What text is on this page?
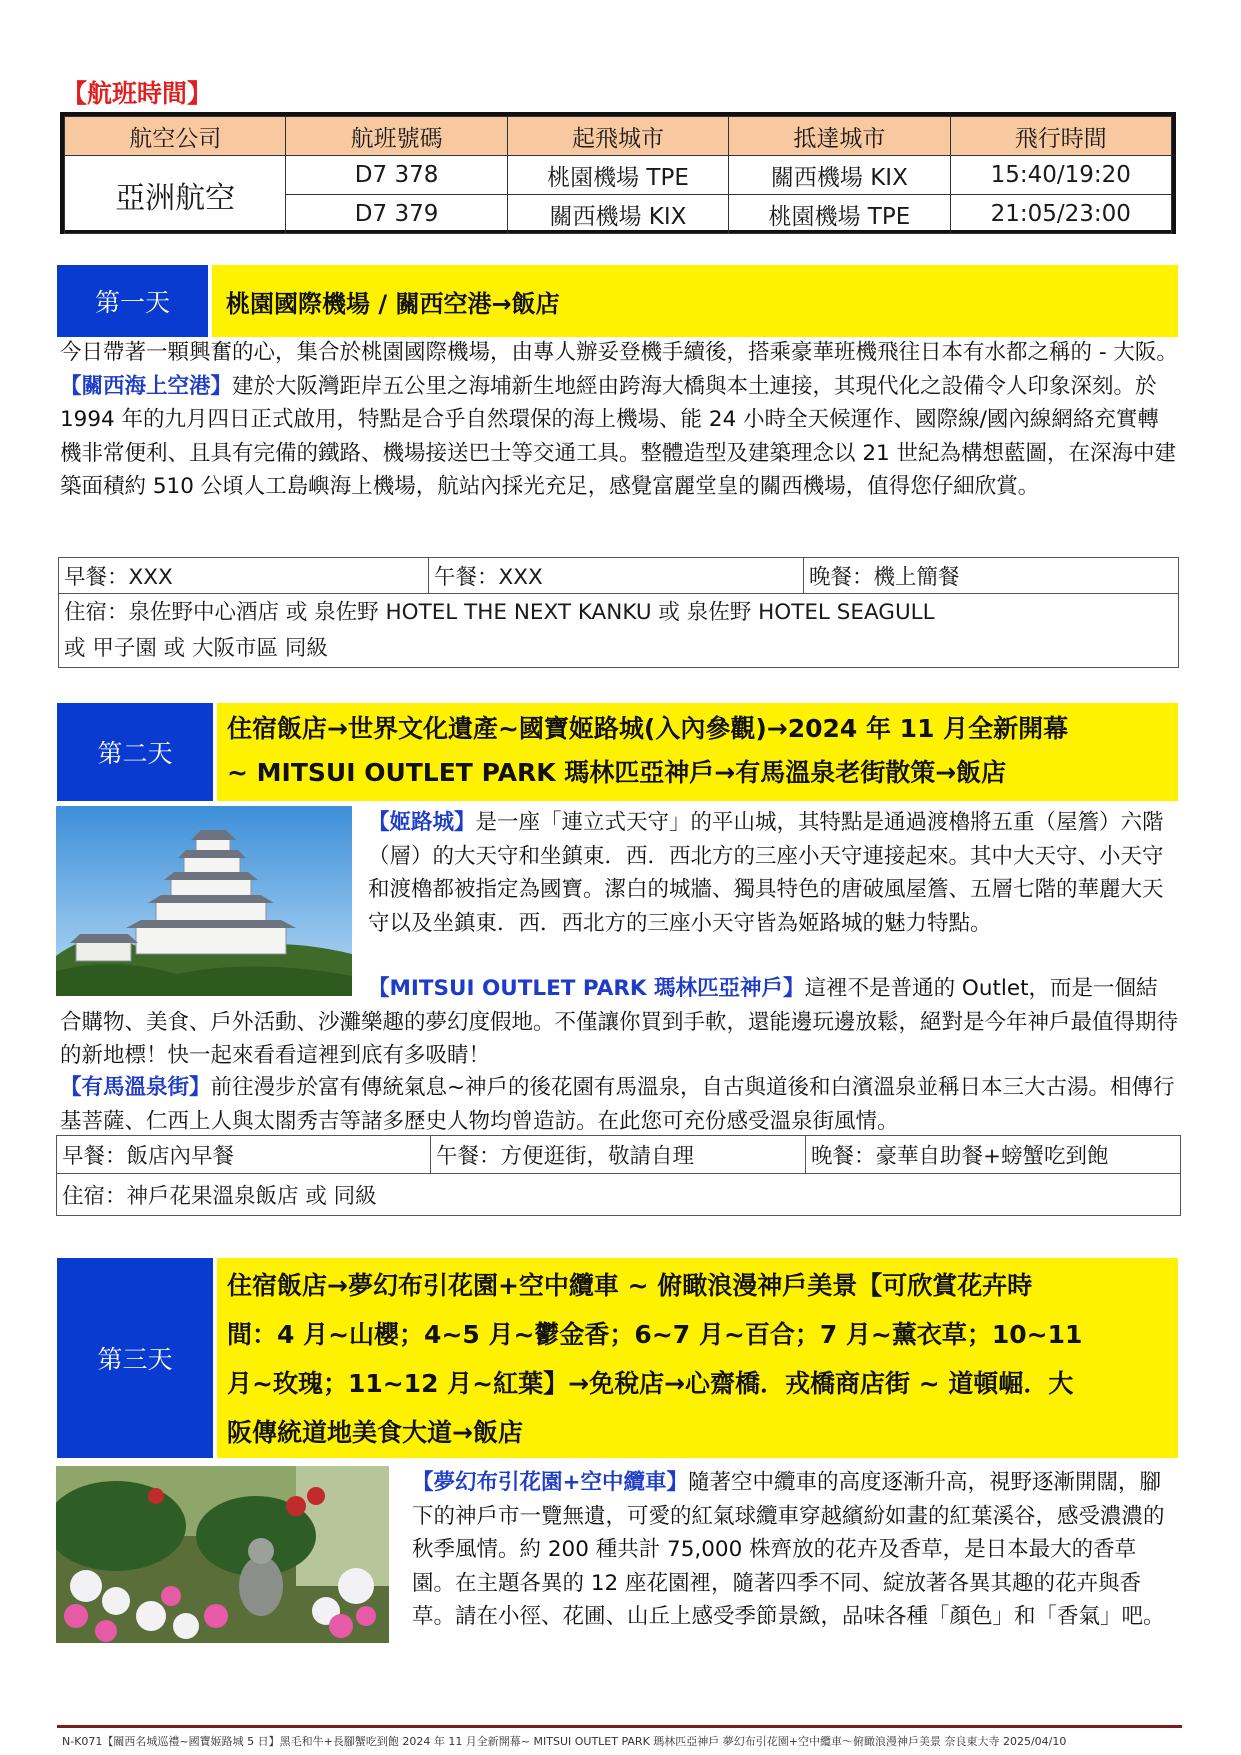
【航班時間】
航空公司	航班號碼	起飛城市	抵達城市	飛行時間
亞洲航空	D7 378	桃園機場 TPE	關西機場 KIX	15:40/19:20
	D7 379	關西機場 KIX	桃園機場 TPE	21:05/23:00
第一天	桃園國際機場 / 關西空港→飯店

今日帶著一顆興奮的心，集合於桃園國際機場，由專人辦妥登機手續後，搭乘豪華班機飛往日本有水都之稱的 - 大阪。

【關西海上空港】建於大阪灣距岸五公里之海埔新生地經由跨海大橋與本土連接，其現代化之設備令人印象深刻。於 1994 年的九月四日正式啟用，特點是合乎自然環保的海上機場、能 24 小時全天候運作、國際線/國內線網絡充實轉機非常便利、且具有完備的鐵路、機場接送巴士等交通工具。整體造型及建築理念以 21 世紀為構想藍圖，在深海中建築面積約 510 公頃人工島嶼海上機場，航站內採光充足，感覺富麗堂皇的關西機場，值得您仔細欣賞。

早餐：XXX	午餐：XXX	晚餐：機上簡餐

住宿：泉佐野中心酒店 或 泉佐野 HOTEL THE NEXT KANKU 或 泉佐野 HOTEL SEAGULL
或 甲子園 或 大阪市區 同級
第二天
住宿飯店→世界文化遺產~國寶姬路城(入內參觀)→2024 年 11 月全新開幕
~ MITSUI OUTLET PARK 瑪林匹亞神戶→有馬溫泉老街散策→飯店

【姬路城】是一座「連立式天守」的平山城，其特點是通過渡櫓將五重（屋簷）六階（層）的大天守和坐鎮東．西．西北方的三座小天守連接起來。其中大天守、小天守和渡櫓都被指定為國寶。潔白的城牆、獨具特色的唐破風屋簷、五層七階的華麗大天守以及坐鎮東．西．西北方的三座小天守皆為姬路城的魅力特點。

【MITSUI OUTLET PARK 瑪林匹亞神戶】這裡不是普通的 Outlet，而是一個結合購物、美食、戶外活動、沙灘樂趣的夢幻度假地。不僅讓你買到手軟，還能邊玩邊放鬆，絕對是今年神戶最值得期待的新地標！快一起來看看這裡到底有多吸睛！

【有馬溫泉街】前往漫步於富有傳統氣息~神戶的後花園有馬溫泉，自古與道後和白濱溫泉並稱日本三大古湯。相傳行基菩薩、仁西上人與太閤秀吉等諸多歷史人物均曾造訪。在此您可充份感受溫泉街風情。

早餐：飯店內早餐	午餐：方便逛街，敬請自理	晚餐：豪華自助餐+螃蟹吃到飽
住宿：神戶花果溫泉飯店 或 同級
第三天
住宿飯店→夢幻布引花園+空中纜車 ~ 俯瞰浪漫神戶美景【可欣賞花卉時
間：4 月~山櫻；4~5 月~鬱金香；6~7 月~百合；7 月~薰衣草；10~11
月~玫瑰；11~12 月~紅葉】→免稅店→心齋橋．戎橋商店街 ~ 道頓崛．大
阪傳統道地美食大道→飯店

【夢幻布引花園+空中纜車】隨著空中纜車的高度逐漸升高，視野逐漸開闊，腳下的神戶市一覽無遺，可愛的紅氣球纜車穿越繽紛如畫的紅葉溪谷，感受濃濃的秋季風情。約 200 種共計 75,000 株齊放的花卉及香草，是日本最大的香草園。在主題各異的 12 座花園裡，隨著四季不同、綻放著各異其趣的花卉與香草。請在小徑、花圃、山丘上感受季節景緻，品味各種「顏色」和「香氣」吧。

N-K071【關西名城巡禮~國寶姬路城 5 日】黑毛和牛+長腳蟹吃到飽 2024 年 11 月全新開幕~ MITSUI OUTLET PARK 瑪林匹亞神戶 夢幻布引花園+空中纜車～俯瞰浪漫神戶美景 奈良東大寺 2025/04/10
